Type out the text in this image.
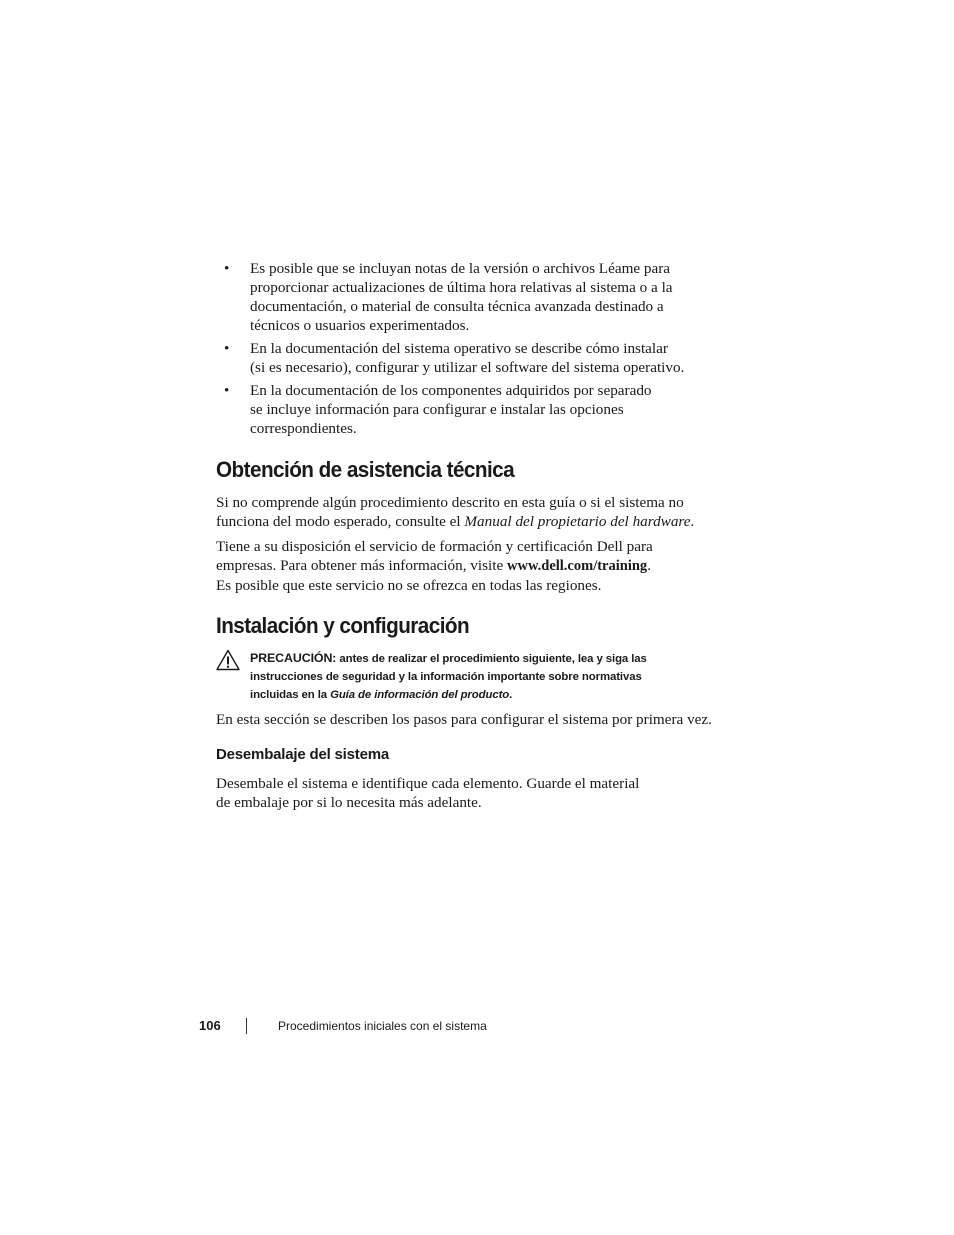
• Es posible que se incluyan notas de la versión o archivos Léame para
proporcionar actualizaciones de última hora relativas al sistema o a la
documentación, o material de consulta técnica avanzada destinado a
técnicos o usuarios experimentados.
• En la documentación del sistema operativo se describe cómo instalar
(si es necesario), configurar y utilizar el software del sistema operativo.
• En la documentación de los componentes adquiridos por separado
se incluye información para configurar e instalar las opciones
correspondientes.
Obtención de asistencia técnica

Si no comprende algún procedimiento descrito en esta guía o si el sistema no
funciona del modo esperado, consulte el Manual del propietario del hardware.

Tiene a su disposición el servicio de formación y certificación Dell para
empresas. Para obtener más información, visite www.dell.com/training.
Es posible que este servicio no se ofrezca en todas las regiones.

Instalación y configuración
PRECAUCIÓN: antes de realizar el procedimiento siguiente, lea y siga las
instrucciones de seguridad y la información importante sobre normativas
incluidas en la Guía de información del producto.

En esta sección se describen los pasos para configurar el sistema por primera vez.

Desembalaje del sistema

Desembale el sistema e identifique cada elemento. Guarde el material
de embalaje por si lo necesita más adelante.

106	Procedimientos iniciales con el sistema
